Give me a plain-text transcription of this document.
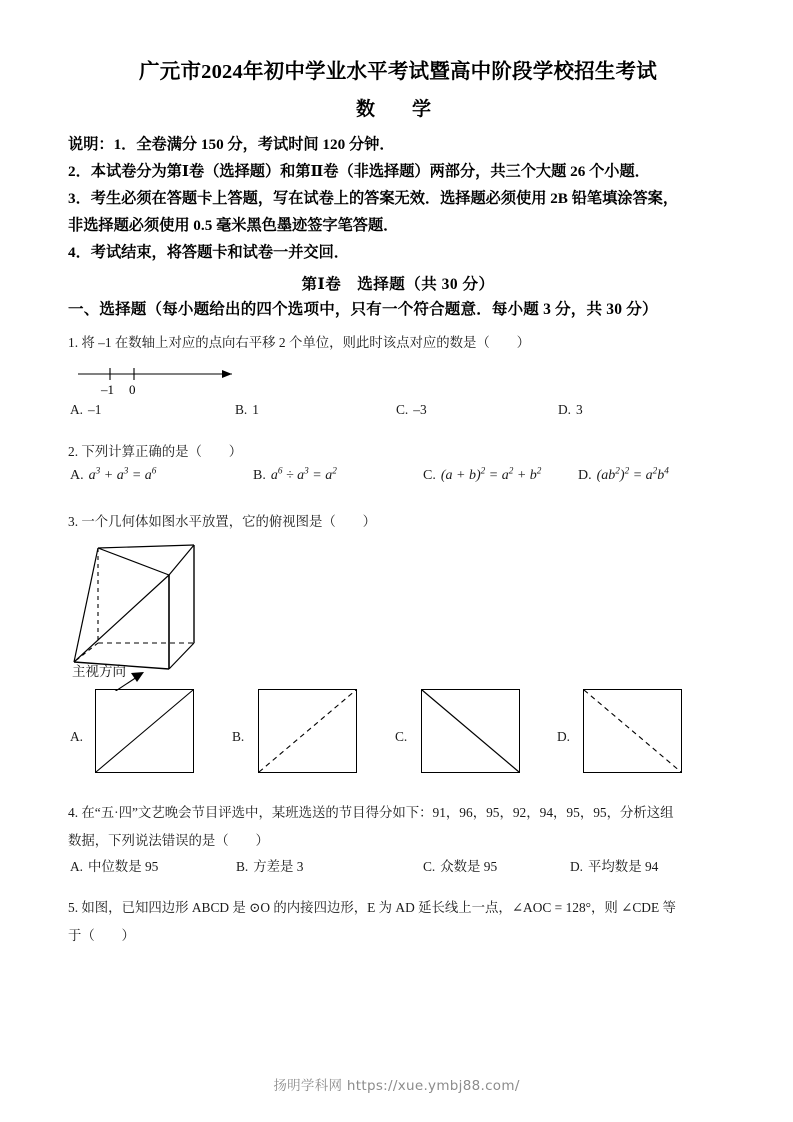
广元市2024年初中学业水平考试暨高中阶段学校招生考试
数　学
说明：1．全卷满分 150 分，考试时间 120 分钟．
2．本试卷分为第Ⅰ卷（选择题）和第Ⅱ卷（非选择题）两部分，共三个大题 26 个小题．
3．考生必须在答题卡上答题，写在试卷上的答案无效．选择题必须使用 2B 铅笔填涂答案，
非选择题必须使用 0.5 毫米黑色墨迹签字笔答题．
4．考试结束，将答题卡和试卷一并交回．
第Ⅰ卷　选择题（共 30 分）
一、选择题（每小题给出的四个选项中，只有一个符合题意．每小题 3 分，共 30 分）
1. 将 –1 在数轴上对应的点向右平移 2 个单位，则此时该点对应的数是（　　）
–1 0
A. –1	B. 1	C. –3	D. 3
2. 下列计算正确的是（　　）
A. $a^3 + a^3 = a^6$	B. $a^6 \div a^3 = a^2$	C. $(a + b)^2 = a^2 + b^2$	D. $(ab^2)^2 = a^2b^4$
3. 一个几何体如图水平放置，它的俯视图是（　　）
主视方向
A.	B.	C.	D.
4. 在“五·四”文艺晚会节目评选中，某班选送的节目得分如下：91，96，95，92，94，95，95，分析这组
数据，下列说法错误的是（　　）
A. 中位数是 95	B. 方差是 3	C. 众数是 95	D. 平均数是 94
5. 如图，已知四边形 ABCD 是 ⊙O 的内接四边形，E 为 AD 延长线上一点，∠AOC = 128°，则 ∠CDE 等
于（　　）
扬明学科网 https://xue.ymbj88.com/
